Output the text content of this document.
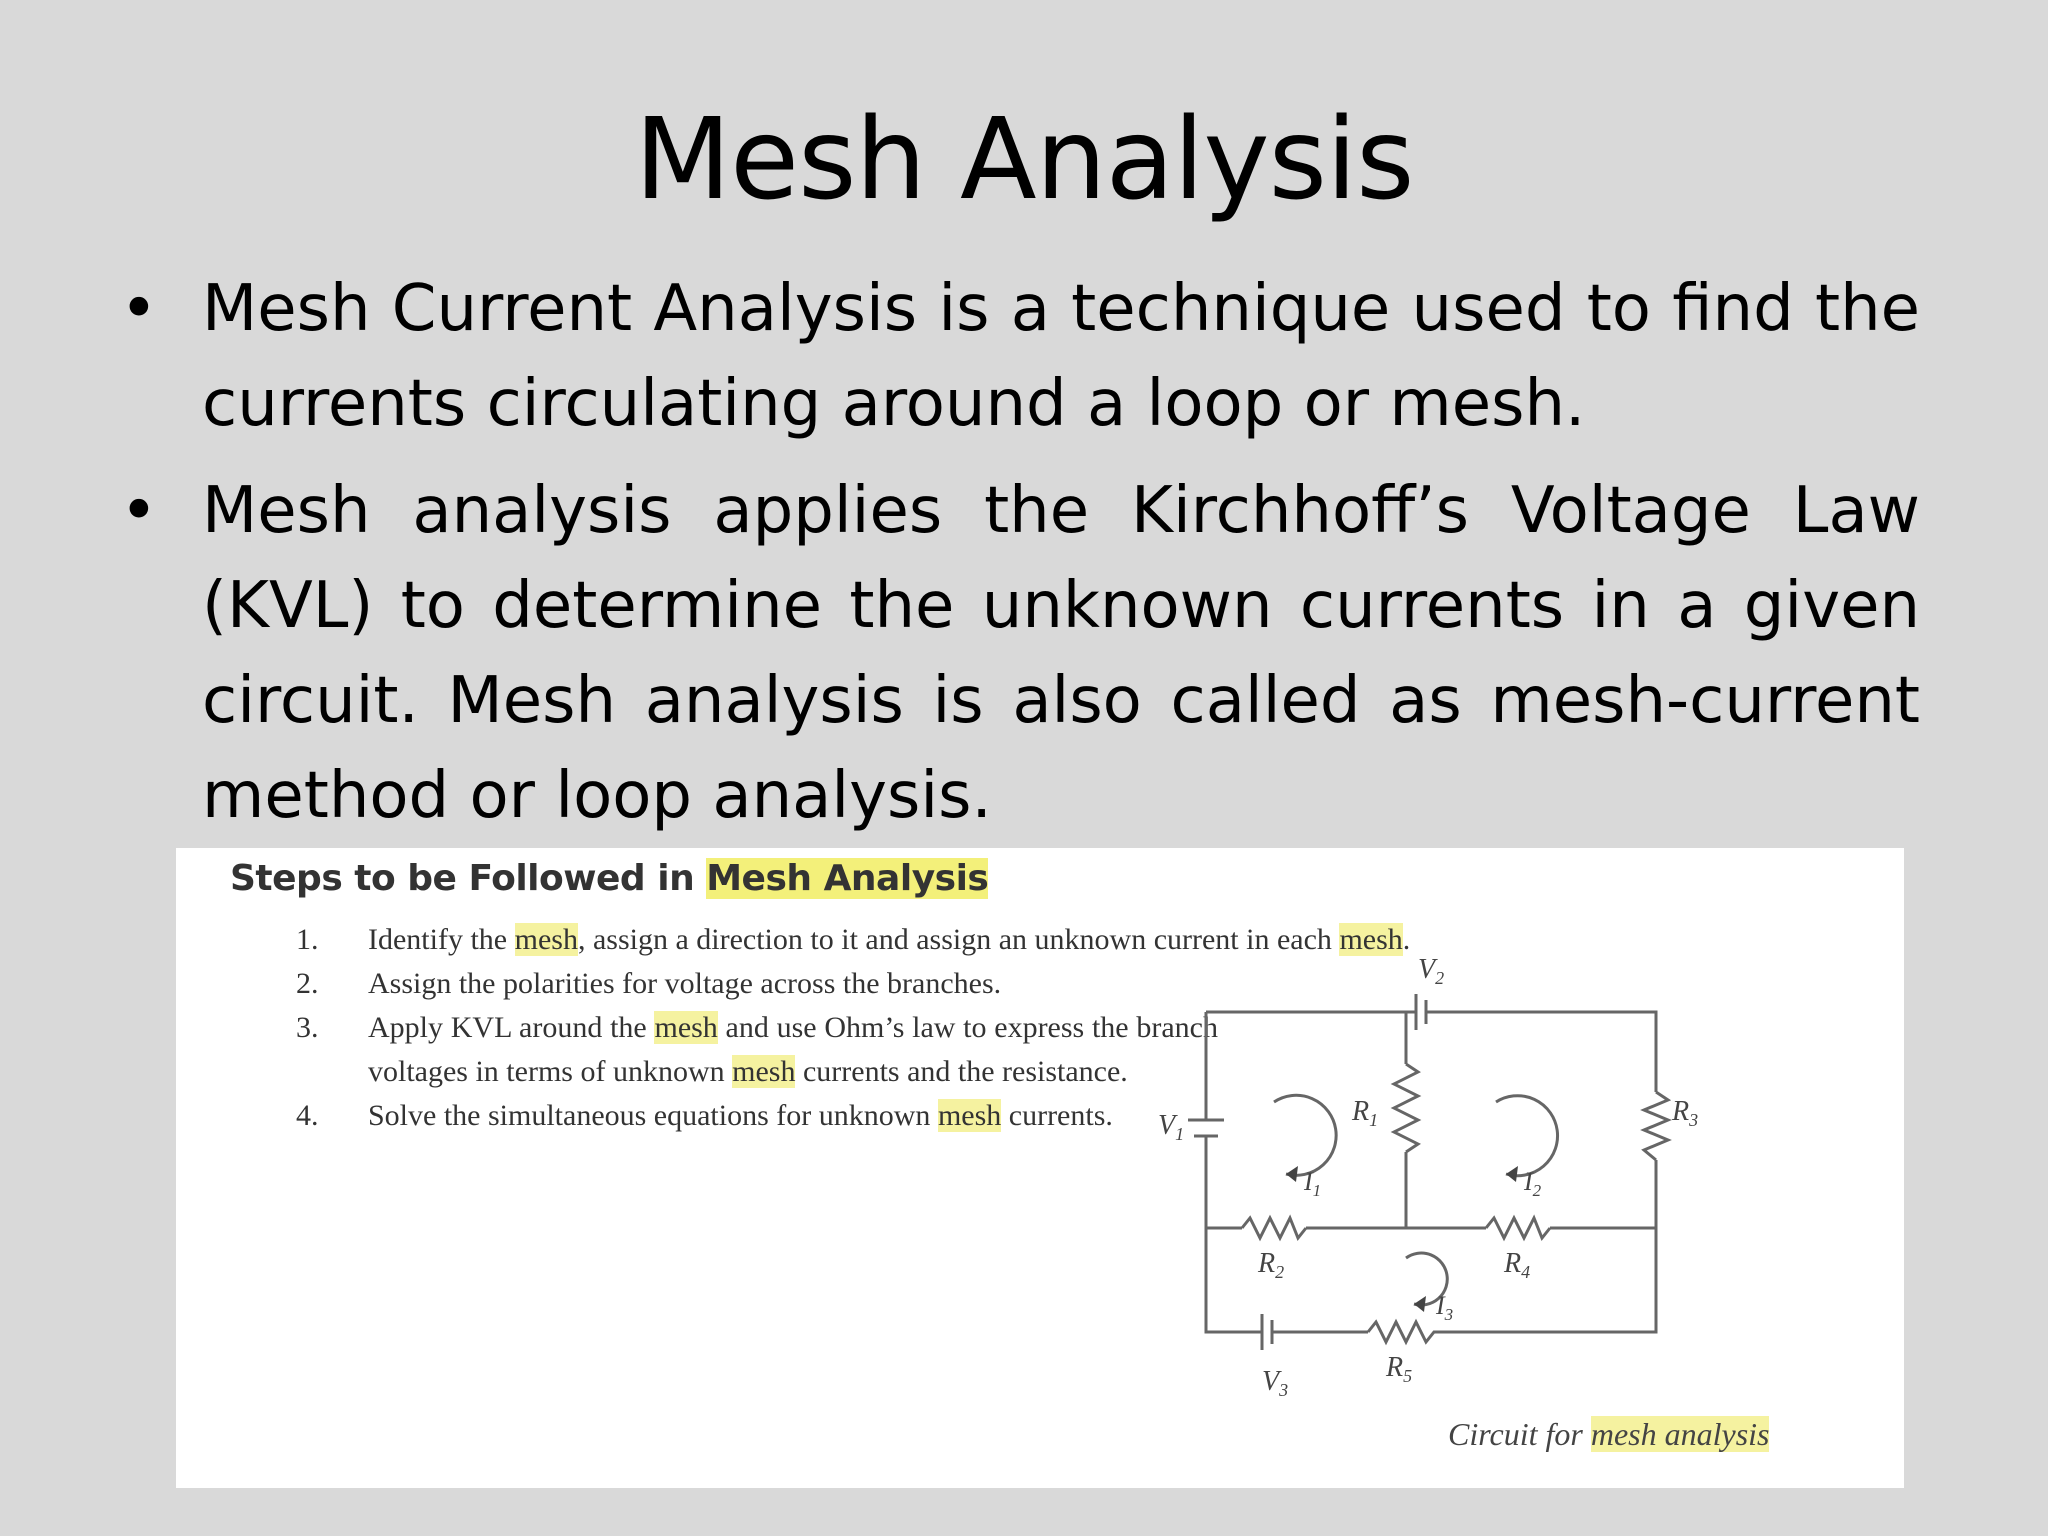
Mesh Analysis
• Mesh Current Analysis is a technique used to find the currents circulating around a loop or mesh.
• Mesh analysis applies the Kirchhoff’s Voltage Law (KVL) to determine the unknown currents in a given circuit. Mesh analysis is also called as mesh-current method or loop analysis.
Steps to be Followed in Mesh Analysis
1. Identify the mesh, assign a direction to it and assign an unknown current in each mesh.
2. Assign the polarities for voltage across the branches.
3. Apply KVL around the mesh and use Ohm’s law to express the branch voltages in terms of unknown mesh currents and the resistance.
4. Solve the simultaneous equations for unknown mesh currents.	$V_1$
$V_2$
$V_3$
$R_1$
$R_2$
$R_3$
$R_4$
$R_5$
$I_1$	$I_2$
$I_3$
Circuit for mesh analysis
